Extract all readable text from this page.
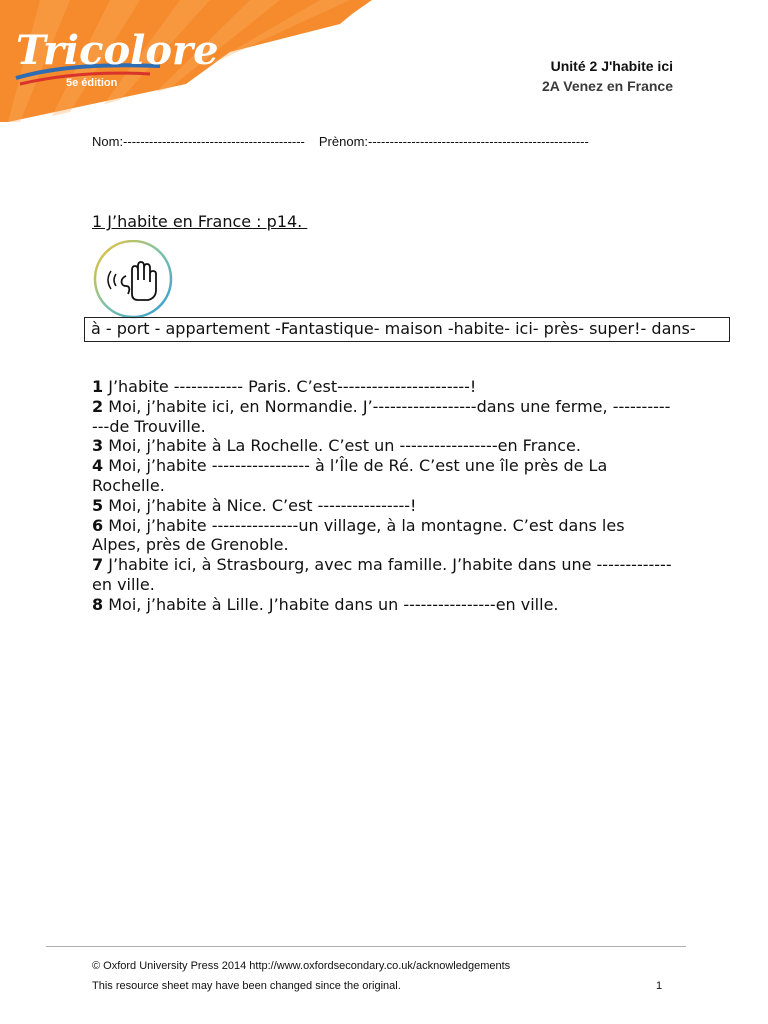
Tricolore
5e édition
Unité 2 J'habite ici
2A Venez en France
Nom:------------------------------------------ Prènom:---------------------------------------------------
1 J’habite en France : p14.
à - port - appartement -Fantastique- maison -habite- ici- près- super!- dans-

1 J’habite ------------ Paris. C’est-----------------------!

2 Moi, j’habite ici, en Normandie. J’------------------dans une ferme, -------------de Trouville.

3 Moi, j’habite à La Rochelle. C’est un -----------------en France.

4 Moi, j’habite ----------------- à l’Île de Ré. C’est une île près de La Rochelle.

5 Moi, j’habite à Nice. C’est ----------------!

6 Moi, j’habite ---------------un village, à la montagne. C’est dans les Alpes, près de Grenoble.

7 J’habite ici, à Strasbourg, avec ma famille. J’habite dans une -------------en ville.

8 Moi, j’habite à Lille. J’habite dans un ----------------en ville.

© Oxford University Press 2014 http://www.oxfordsecondary.co.uk/acknowledgements
This resource sheet may have been changed since the original.	1
